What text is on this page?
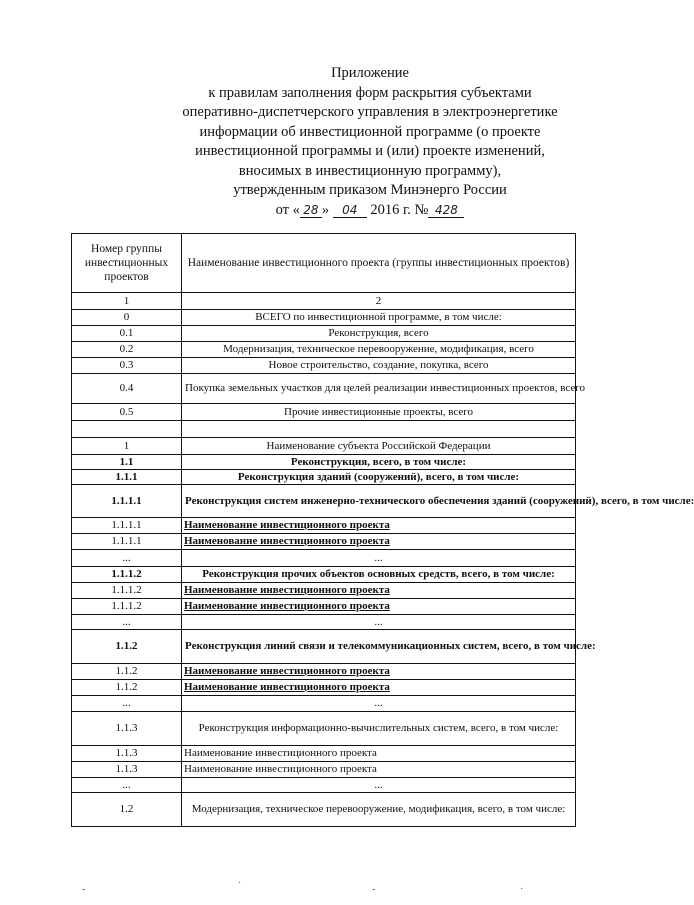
Приложение
к правилам заполнения форм раскрытия субъектами
оперативно-диспетчерского управления в электроэнергетике
информации об инвестиционной программе (о проекте
инвестиционной программы и (или) проекте изменений,
вносимых в инвестиционную программу),
утвержденным приказом Минэнерго России
от « 28 » 04 2016 г. № 428
Номер группы инвестиционных проектов	Наименование инвестиционного проекта (группы инвестиционных проектов)
1	2
0	ВСЕГО по инвестиционной программе, в том числе:
0.1	Реконструкция, всего
0.2	Модернизация, техническое перевооружение, модификация, всего
0.3	Новое строительство, создание, покупка, всего
0.4	Покупка земельных участков для целей реализации инвестиционных проектов, всего
0.5	Прочие инвестиционные проекты, всего

1	Наименование субъекта Российской Федерации
1.1	Реконструкция, всего, в том числе:
1.1.1	Реконструкция зданий (сооружений), всего, в том числе:
1.1.1.1	Реконструкция систем инженерно-технического обеспечения зданий (сооружений), всего, в том числе:
1.1.1.1	Наименование инвестиционного проекта
1.1.1.1	Наименование инвестиционного проекта
...	...
1.1.1.2	Реконструкция прочих объектов основных средств, всего, в том числе:
1.1.1.2	Наименование инвестиционного проекта
1.1.1.2	Наименование инвестиционного проекта
...	...
1.1.2	Реконструкция линий связи и телекоммуникационных систем, всего, в том числе:
1.1.2	Наименование инвестиционного проекта
1.1.2	Наименование инвестиционного проекта
...	...
1.1.3	Реконструкция информационно-вычислительных систем, всего, в том числе:
1.1.3	Наименование инвестиционного проекта
1.1.3	Наименование инвестиционного проекта
...	...
1.2	Модернизация, техническое перевооружение, модификация, всего, в том числе:
-
·
-	·
